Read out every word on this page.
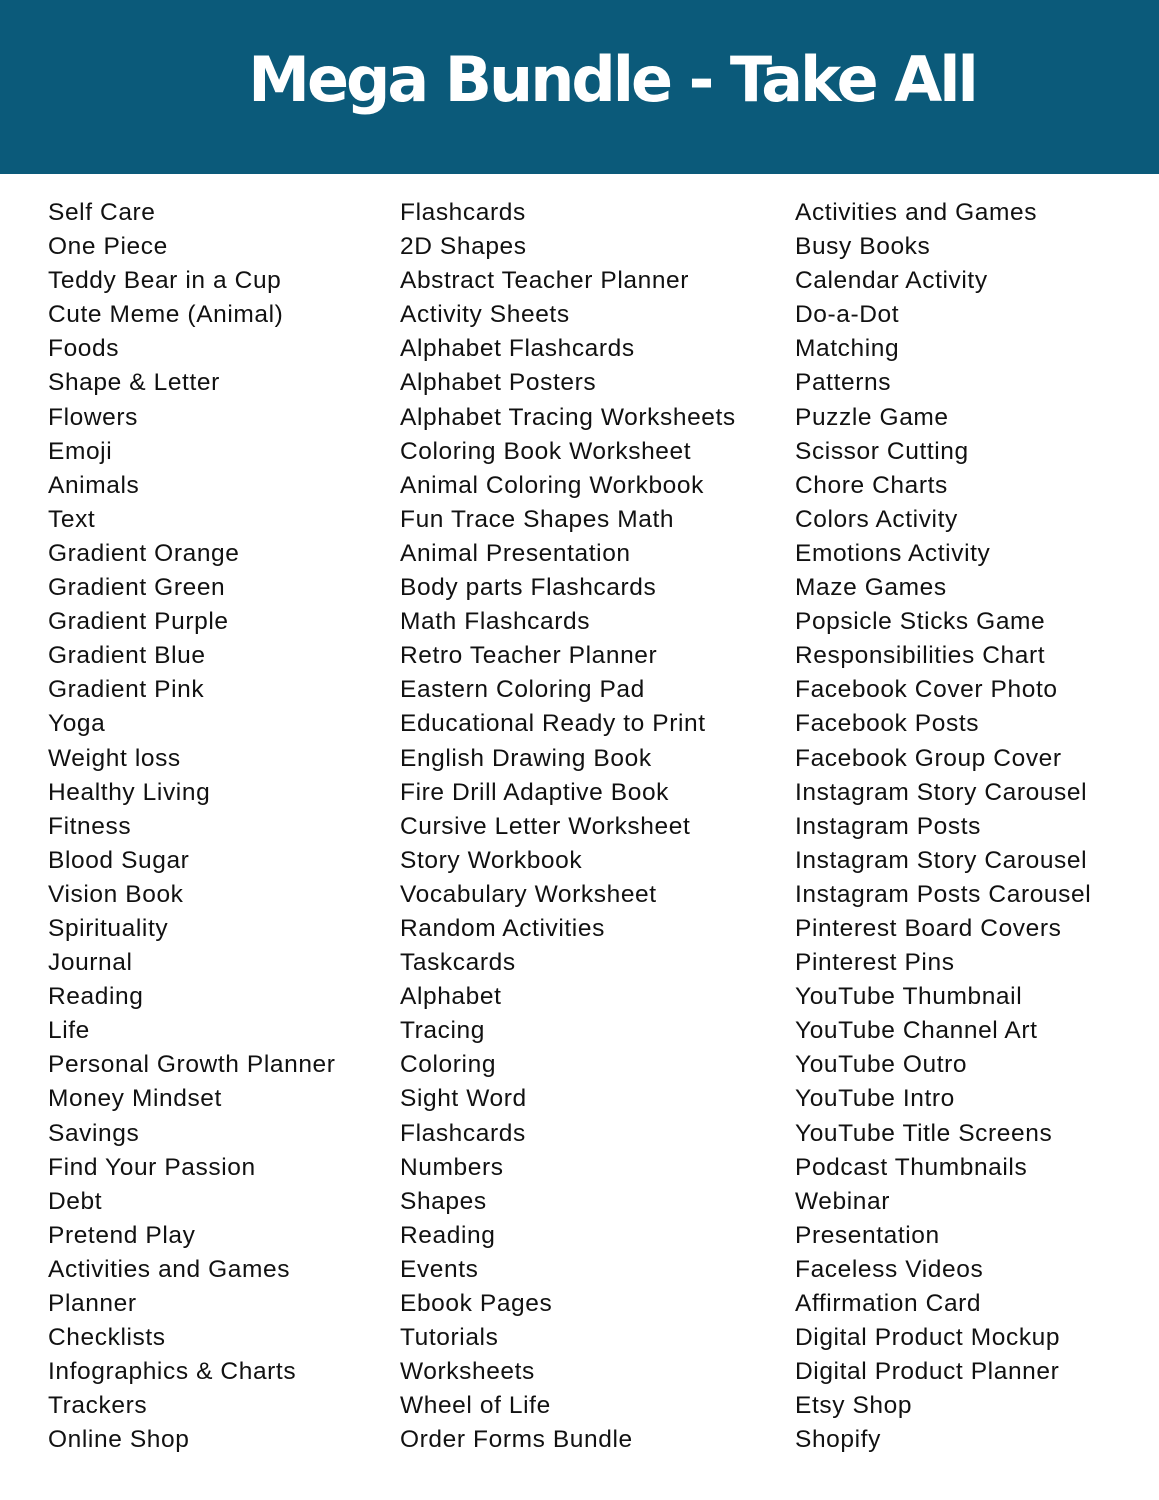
Mega Bundle - Take All
Self Care
One Piece
Teddy Bear in a Cup
Cute Meme (Animal)
Foods
Shape & Letter
Flowers
Emoji
Animals
Text
Gradient Orange
Gradient Green
Gradient Purple
Gradient Blue
Gradient Pink
Yoga
Weight loss
Healthy Living
Fitness
Blood Sugar
Vision Book
Spirituality
Journal
Reading
Life
Personal Growth Planner
Money Mindset
Savings
Find Your Passion
Debt
Pretend Play
Activities and Games
Planner
Checklists
Infographics & Charts
Trackers
Online Shop
Flashcards
2D Shapes
Abstract Teacher Planner
Activity Sheets
Alphabet Flashcards
Alphabet Posters
Alphabet Tracing Worksheets
Coloring Book Worksheet
Animal Coloring Workbook
Fun Trace Shapes Math
Animal Presentation
Body parts Flashcards
Math Flashcards
Retro Teacher Planner
Eastern Coloring Pad
Educational Ready to Print
English Drawing Book
Fire Drill Adaptive Book
Cursive Letter Worksheet
Story Workbook
Vocabulary Worksheet
Random Activities
Taskcards
Alphabet
Tracing
Coloring
Sight Word
Flashcards
Numbers
Shapes
Reading
Events
Ebook Pages
Tutorials
Worksheets
Wheel of Life
Order Forms Bundle
Activities and Games
Busy Books
Calendar Activity
Do-a-Dot
Matching
Patterns
Puzzle Game
Scissor Cutting
Chore Charts
Colors Activity
Emotions Activity
Maze Games
Popsicle Sticks Game
Responsibilities Chart
Facebook Cover Photo
Facebook Posts
Facebook Group Cover
Instagram Story Carousel
Instagram Posts
Instagram Story Carousel
Instagram Posts Carousel
Pinterest Board Covers
Pinterest Pins
YouTube Thumbnail
YouTube Channel Art
YouTube Outro
YouTube Intro
YouTube Title Screens
Podcast Thumbnails
Webinar
Presentation
Faceless Videos
Affirmation Card
Digital Product Mockup
Digital Product Planner
Etsy Shop
Shopify
